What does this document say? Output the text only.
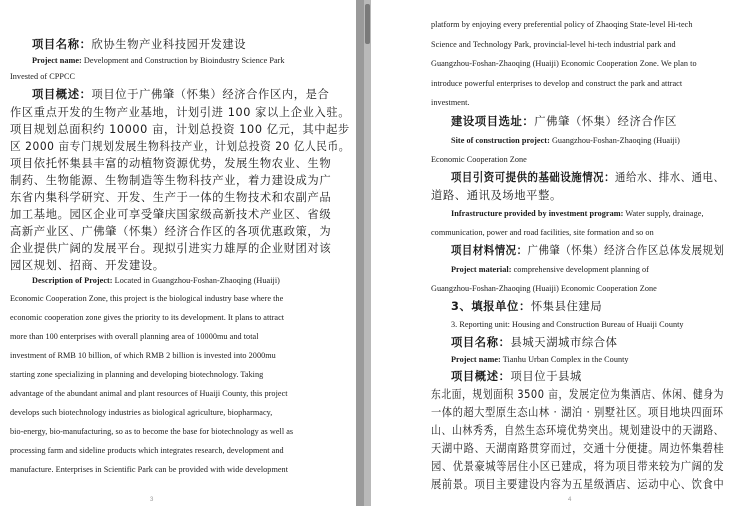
项目名称：欣协生物产业科技园开发建设
Project name: Development and Construction by Bioindustry Science Park
Invested of CPPCC
项目概述：项目位于广佛肇（怀集）经济合作区内，是合
作区重点开发的生物产业基地，计划引进 100 家以上企业入驻。
项目规划总面积约 10000 亩，计划总投资 100 亿元，其中起步
区 2000 亩专门规划发展生物科技产业，计划总投资 20 亿人民币。
项目依托怀集县丰富的动植物资源优势，发展生物农业、生物
制药、生物能源、生物制造等生物科技产业，着力建设成为广
东省内集科学研究、开发、生产于一体的生物技术和农副产品
加工基地。园区企业可享受肇庆国家级高新技术产业区、省级
高新产业区、广佛肇（怀集）经济合作区的各项优惠政策，为
企业提供广阔的发展平台。现拟引进实力雄厚的企业财团对该
园区规划、招商、开发建设。
Description of Project: Located in Guangzhou-Foshan-Zhaoqing (Huaiji)
Economic Cooperation Zone, this project is the biological industry base where the
economic cooperation zone gives the priority to its development. It plans to attract
more than 100 enterprises with overall planning area of 10000mu and total
investment of RMB 10 billion, of which RMB 2 billion is invested into 2000mu
starting zone specializing in planning and developing biotechnology. Taking
advantage of the abundant animal and plant resources of Huaiji County, this project
develops such biotechnology industries as biological agriculture, biopharmacy,
bio-energy, bio-manufacturing, so as to become the base for biotechnology as well as
processing farm and sideline products which integrates research, development and
manufacture. Enterprises in Scientific Park can be provided with wide development
3
platform by enjoying every preferential policy of Zhaoqing State-level Hi-tech
Science and Technology Park, provincial-level hi-tech industrial park and
Guangzhou-Foshan-Zhaoqing (Huaiji) Economic Cooperation Zone. We plan to
introduce powerful enterprises to develop and construct the park and attract
investment.
建设项目选址：广佛肇（怀集）经济合作区
Site of construction project: Guangzhou-Foshan-Zhaoqing (Huaiji)
Economic Cooperation Zone
项目引资可提供的基础设施情况：通给水、排水、通电、
道路、通讯及场地平整。
Infrastructure provided by investment program: Water supply, drainage,
communication, power and road facilities, site formation and so on
项目材料情况：广佛肇（怀集）经济合作区总体发展规划
Project material: comprehensive development planning of
Guangzhou-Foshan-Zhaoqing (Huaiji) Economic Cooperation Zone
3、填报单位：怀集县住建局
3. Reporting unit: Housing and Construction Bureau of Huaiji County
项目名称：县城天湖城市综合体
Project name: Tianhu Urban Complex in the County
项目概述：项目位于县城
东北面，规划面积 3500 亩，发展定位为集酒店、休闲、健身为
一体的超大型原生态山林 · 湖泊 · 别墅社区。项目地块四面环
山、山林秀秀，自然生态环境优势突出。规划建设中的天湖路、
天湖中路、天湖南路贯穿而过，交通十分便捷。周边怀集碧桂
园、优景豪城等居住小区已建成，将为项目带来较为广阔的发
展前景。项目主要建设内容为五星级酒店、运动中心、饮食中
4
